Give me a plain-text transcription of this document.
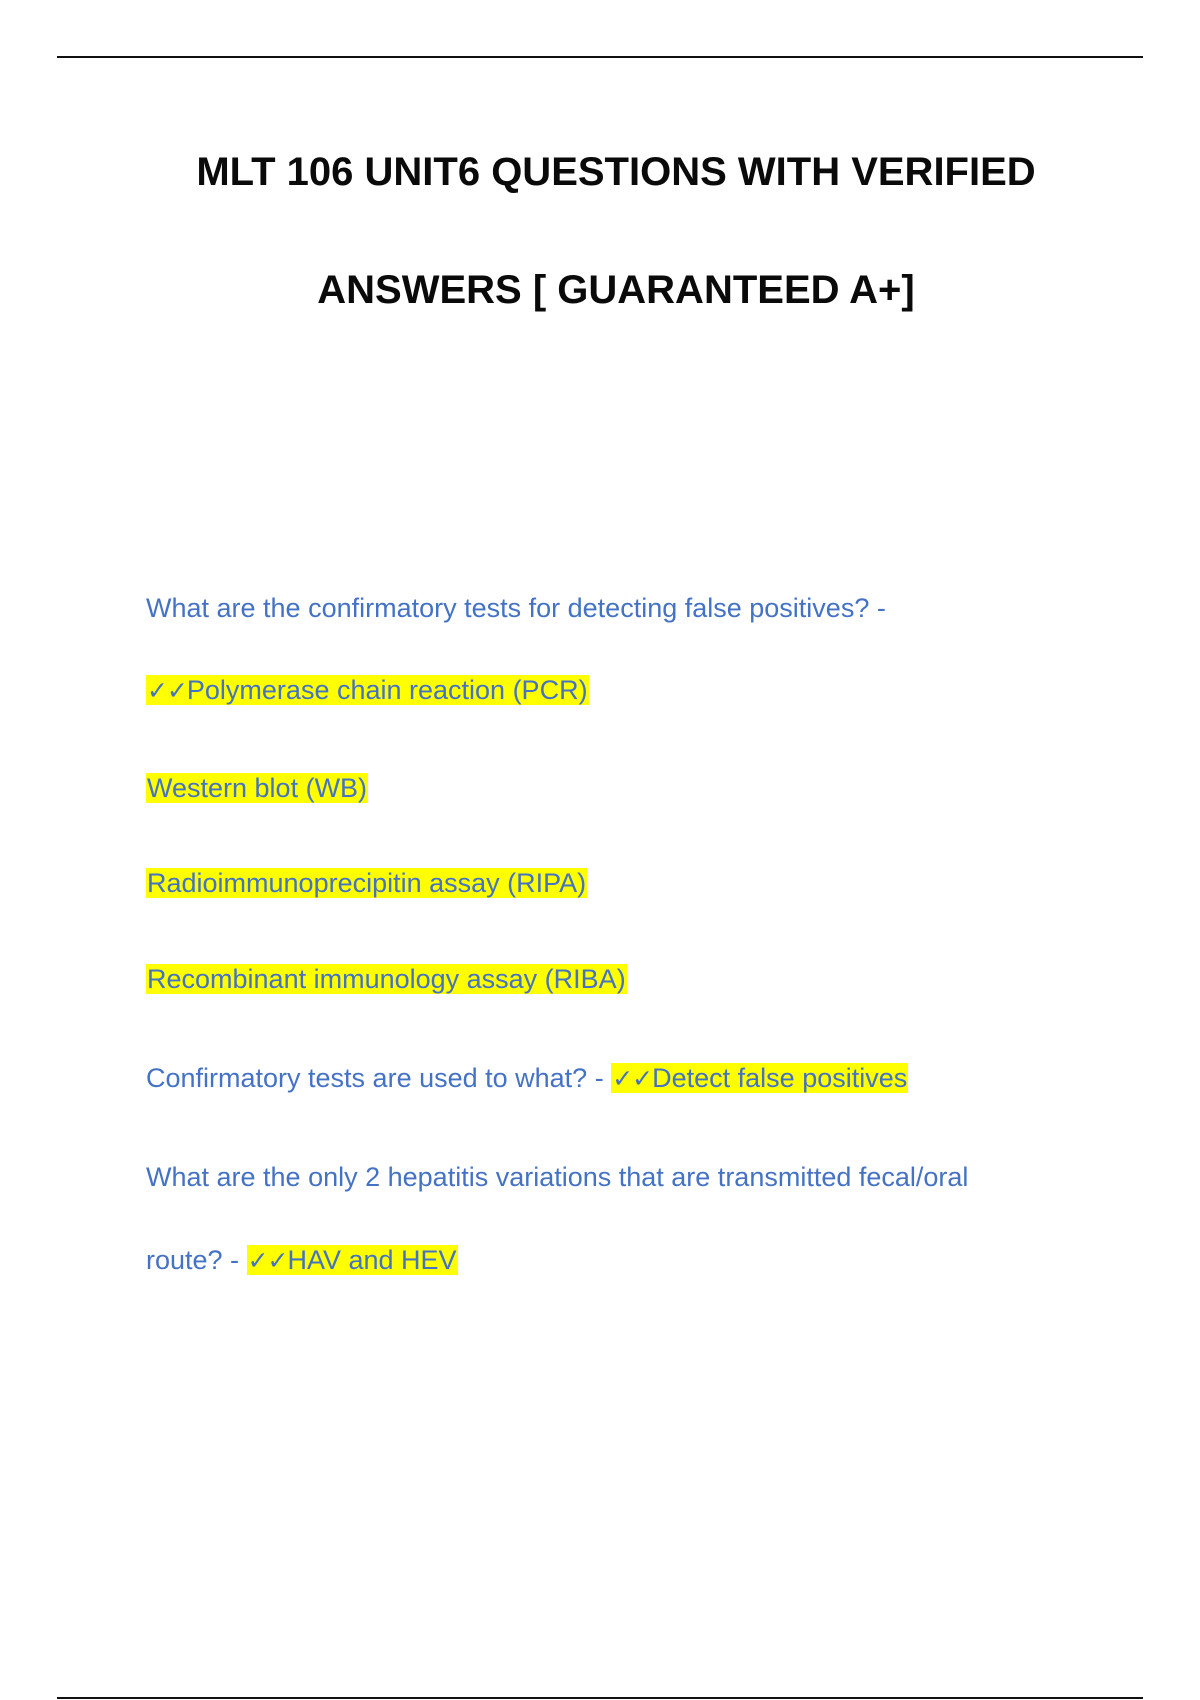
MLT 106 UNIT6 QUESTIONS WITH VERIFIED
ANSWERS [ GUARANTEED A+]
What are the confirmatory tests for detecting false positives? -
✓✓Polymerase chain reaction (PCR)
Western blot (WB)
Radioimmunoprecipitin assay (RIPA)
Recombinant immunology assay (RIBA)
Confirmatory tests are used to what? - ✓✓Detect false positives
What are the only 2 hepatitis variations that are transmitted fecal/oral
route? - ✓✓HAV and HEV
